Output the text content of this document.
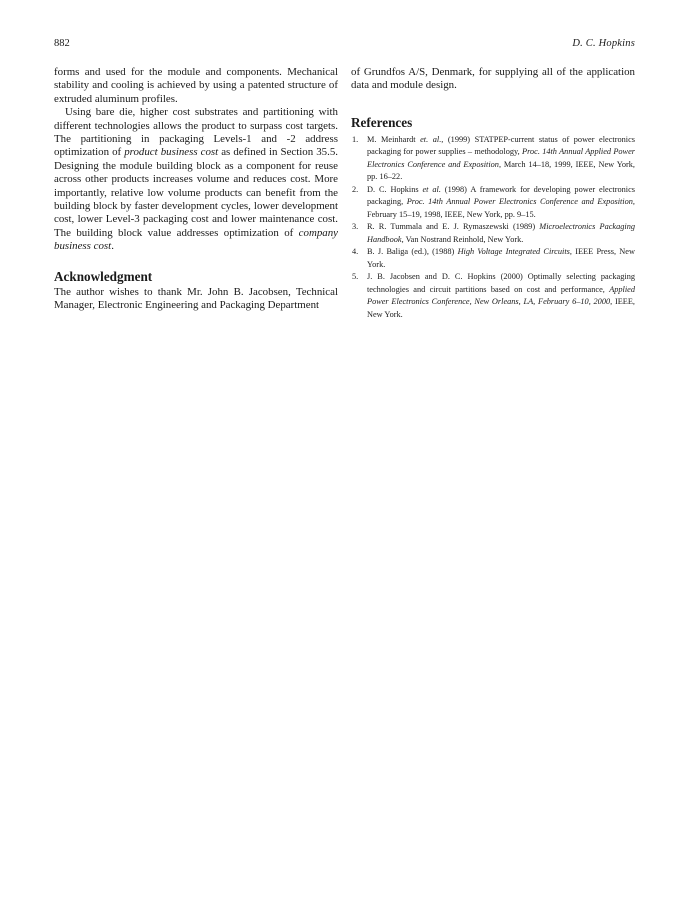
882	D. C. Hopkins

forms and used for the module and components. Mechanical stability and cooling is achieved by using a patented structure of extruded aluminum profiles.

Using bare die, higher cost substrates and partitioning with different technologies allows the product to surpass cost targets. The partitioning in packaging Levels-1 and -2 address optimization of product business cost as defined in Section 35.5. Designing the module building block as a component for reuse across other products increases volume and reduces cost. More importantly, relative low volume products can benefit from the building block by faster development cycles, lower development cost, lower Level-3 packaging cost and lower maintenance cost. The building block value addresses optimization of company business cost.

Acknowledgment

The author wishes to thank Mr. John B. Jacobsen, Technical Manager, Electronic Engineering and Packaging Department

of Grundfos A/S, Denmark, for supplying all of the application data and module design.

References
1. M. Meinhardt et. al., (1999) STATPEP-current status of power electronics packaging for power supplies – methodology, Proc. 14th Annual Applied Power Electronics Conference and Exposition, March 14–18, 1999, IEEE, New York, pp. 16–22.
2. D. C. Hopkins et al. (1998) A framework for developing power electronics packaging, Proc. 14th Annual Power Electronics Conference and Exposition, February 15–19, 1998, IEEE, New York, pp. 9–15.
3. R. R. Tummala and E. J. Rymaszewski (1989) Microelectronics Packaging Handbook, Van Nostrand Reinhold, New York.
4. B. J. Baliga (ed.), (1988) High Voltage Integrated Circuits, IEEE Press, New York.
5. J. B. Jacobsen and D. C. Hopkins (2000) Optimally selecting packaging technologies and circuit partitions based on cost and performance, Applied Power Electronics Conference, New Orleans, LA, February 6–10, 2000, IEEE, New York.
